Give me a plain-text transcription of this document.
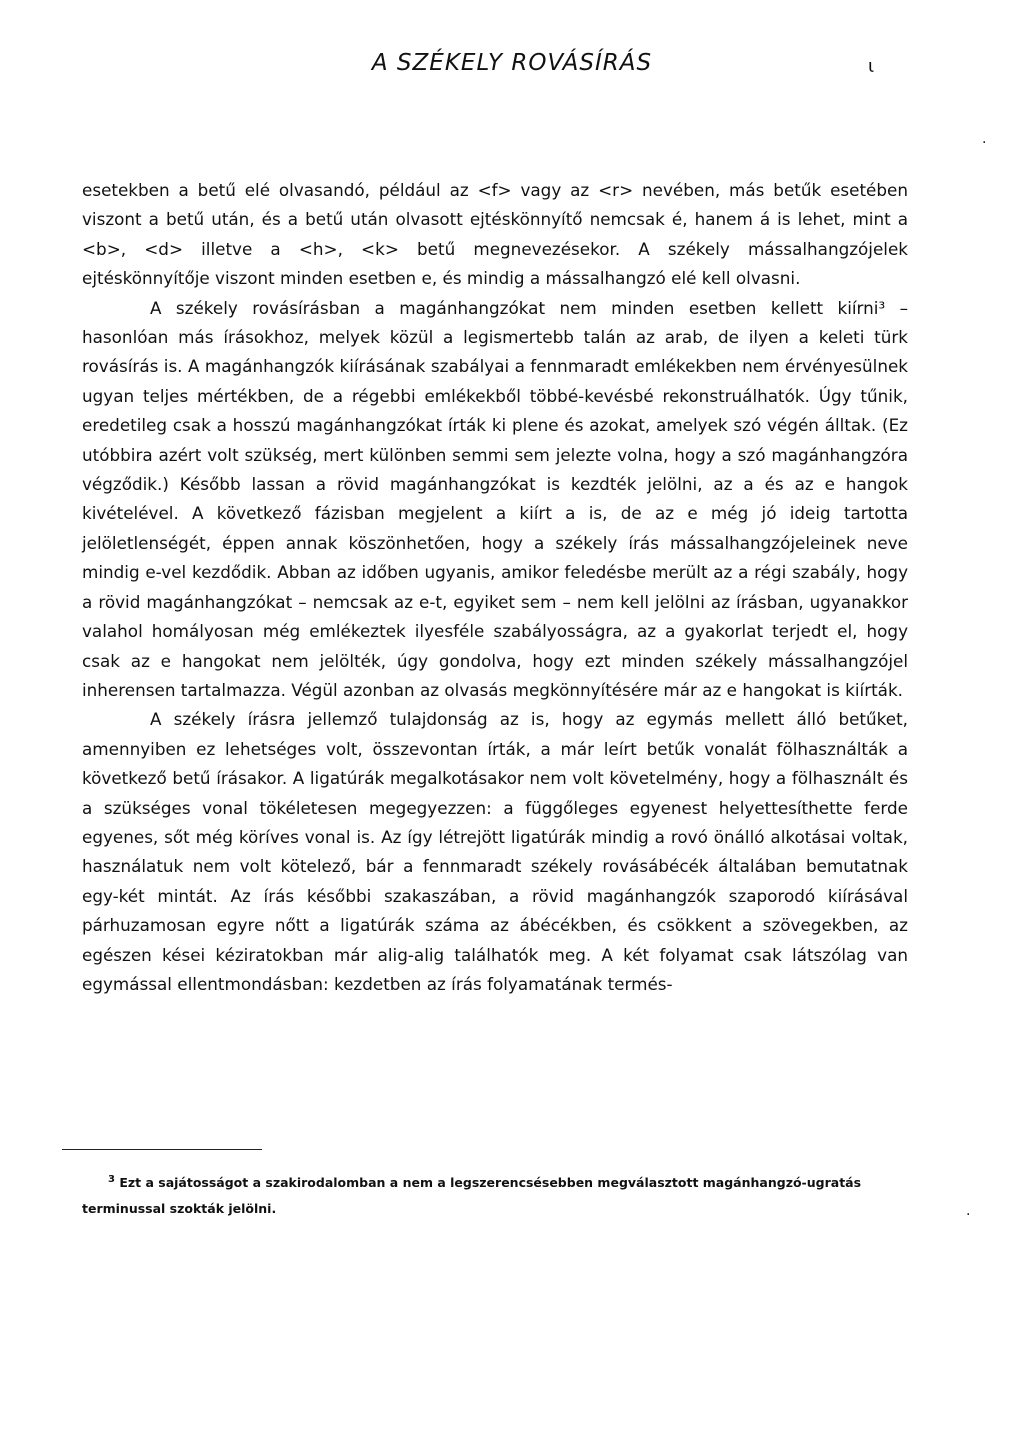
A SZÉKELY ROVÁSÍRÁS	ι
·
·

esetekben a betű elé olvasandó, például az <f> vagy az <r> nevében, más betűk esetében viszont a betű után, és a betű után olvasott ejtéskönnyítő nemcsak é, hanem á is lehet, mint a <b>, <d> illetve a <h>, <k> betű megnevezésekor. A székely mássalhangzójelek ejtéskönnyítője viszont minden esetben e, és mindig a mássalhangzó elé kell olvasni.

A székely rovásírásban a magánhangzókat nem minden esetben kellett kiírni³ – hasonlóan más írásokhoz, melyek közül a legismertebb talán az arab, de ilyen a keleti türk rovásírás is. A magánhangzók kiírásának szabályai a fennmaradt emlékekben nem érvényesülnek ugyan teljes mértékben, de a régebbi emlékekből többé-kevésbé rekonstruálhatók. Úgy tűnik, eredetileg csak a hosszú magánhangzókat írták ki plene és azokat, amelyek szó végén álltak. (Ez utóbbira azért volt szükség, mert különben semmi sem jelezte volna, hogy a szó magánhangzóra végződik.) Később lassan a rövid magánhangzókat is kezdték jelölni, az a és az e hangok kivételével. A következő fázisban megjelent a kiírt a is, de az e még jó ideig tartotta jelöletlenségét, éppen annak köszönhetően, hogy a székely írás mássalhangzójeleinek neve mindig e-vel kezdődik. Abban az időben ugyanis, amikor feledésbe merült az a régi szabály, hogy a rövid magánhangzókat – nemcsak az e-t, egyiket sem – nem kell jelölni az írásban, ugyanakkor valahol homályosan még emlékeztek ilyesféle szabályosságra, az a gyakorlat terjedt el, hogy csak az e hangokat nem jelölték, úgy gondolva, hogy ezt minden székely mássalhangzójel inherensen tartalmazza. Végül azonban az olvasás megkönnyítésére már az e hangokat is kiírták.

A székely írásra jellemző tulajdonság az is, hogy az egymás mellett álló betűket, amennyiben ez lehetséges volt, összevontan írták, a már leírt betűk vonalát fölhasználták a következő betű írásakor. A ligatúrák megalkotásakor nem volt követelmény, hogy a fölhasznált és a szükséges vonal tökéletesen megegyezzen: a függőleges egyenest helyettesíthette ferde egyenes, sőt még köríves vonal is. Az így létrejött ligatúrák mindig a rovó önálló alkotásai voltak, használatuk nem volt kötelező, bár a fennmaradt székely rovásábécék általában bemutatnak egy-két mintát. Az írás későbbi szakaszában, a rövid magánhangzók szaporodó kiírásával párhuzamosan egyre nőtt a ligatúrák száma az ábécékben, és csökkent a szövegekben, az egészen kései kéziratokban már alig-alig találhatók meg. A két folyamat csak látszólag van egymással ellentmondásban: kezdetben az írás folyamatának termés-

$^3$ Ezt a sajátosságot a szakirodalomban a nem a legszerencsésebben megválasztott magánhangzó-ugratás terminussal szokták jelölni.
